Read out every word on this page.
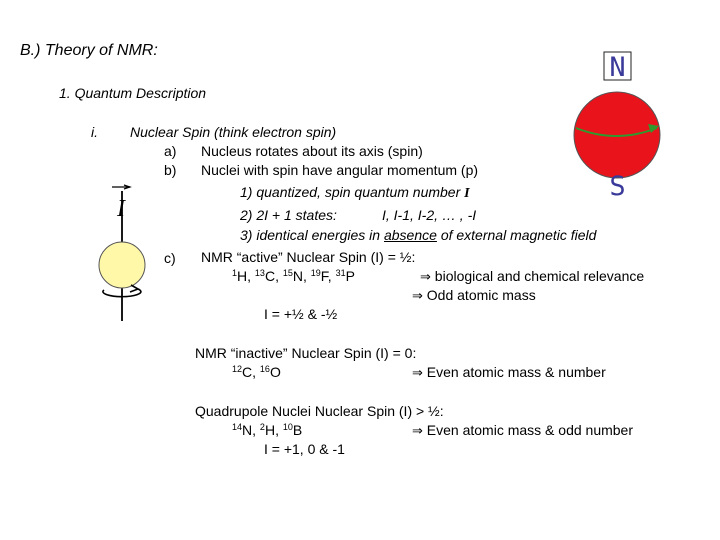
B.) Theory of NMR:
1. Quantum Description
i. Nuclear Spin (think electron spin)
a) Nucleus rotates about its axis (spin)
b) Nuclei with spin have angular momentum (p)
1) quantized, spin quantum number I
2) 2I + 1 states:	I, I-1, I-2, … , -I
3) identical energies in absence of external magnetic field
c) NMR “active” Nuclear Spin (I) = ½:
$^1$H, $^{13}$C, $^{15}$N, $^{19}$F, $^{31}$P	⇒ biological and chemical relevance
⇒ Odd atomic mass
I = +½ & -½
NMR “inactive” Nuclear Spin (I) = 0:
$^{12}$C, $^{16}$O	⇒ Even atomic mass & number
Quadrupole Nuclei Nuclear Spin (I) > ½:
$^{14}$N, $^2$H, $^{10}$B	⇒ Even atomic mass & odd number
I = +1, 0 & -1
I
N
S
